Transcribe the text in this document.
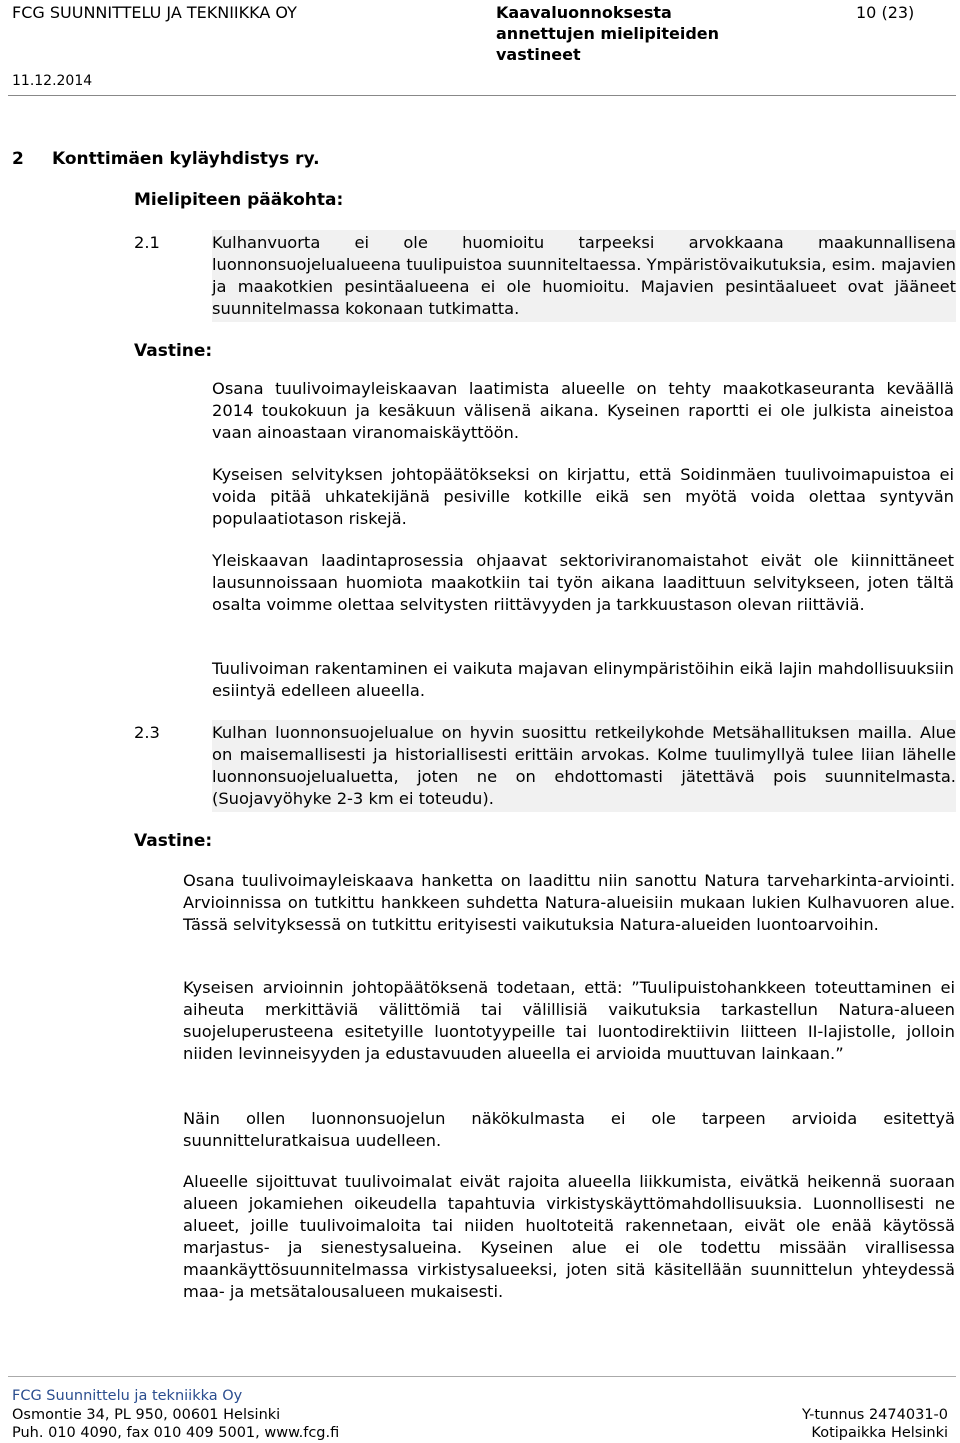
FCG SUUNNITTELU JA TEKNIIKKA OY	Kaavaluonnoksesta annettujen mielipiteiden vastineet
10 (23)
11.12.2014
2 Konttimäen kyläyhdistys ry.
Mielipiteen pääkohta:
2.1	Kulhanvuorta ei ole huomioitu tarpeeksi arvokkaana maakunnallisena luonnonsuojelualueena tuulipuistoa suunniteltaessa. Ympäristövaikutuksia, esim. majavien ja maakotkien pesintäalueena ei ole huomioitu. Majavien pesintäalueet ovat jääneet suunnitelmassa kokonaan tutkimatta.

Vastine:

Osana tuulivoimayleiskaavan laatimista alueelle on tehty maakotkaseuranta keväällä 2014 toukokuun ja kesäkuun välisenä aikana. Kyseinen raportti ei ole julkista aineistoa vaan ainoastaan viranomaiskäyttöön.

Kyseisen selvityksen johtopäätökseksi on kirjattu, että Soidinmäen tuulivoimapuistoa ei voida pitää uhkatekijänä pesiville kotkille eikä sen myötä voida olettaa syntyvän populaatiotason riskejä.

Yleiskaavan laadintaprosessia ohjaavat sektoriviranomaistahot eivät ole kiinnittäneet lausunnoissaan huomiota maakotkiin tai työn aikana laadittuun selvitykseen, joten tältä osalta voimme olettaa selvitysten riittävyyden ja tarkkuustason olevan riittäviä.

Tuulivoiman rakentaminen ei vaikuta majavan elinympäristöihin eikä lajin mahdollisuuksiin esiintyä edelleen alueella.

2.3	Kulhan luonnonsuojelualue on hyvin suosittu retkeilykohde Metsähallituksen mailla. Alue on maisemallisesti ja historiallisesti erittäin arvokas. Kolme tuulimyllyä tulee liian lähelle luonnonsuojelualuetta, joten ne on ehdottomasti jätettävä pois suunnitelmasta. (Suojavyöhyke 2-3 km ei toteudu).

Vastine:

Osana tuulivoimayleiskaava hanketta on laadittu niin sanottu Natura tarveharkinta-arviointi. Arvioinnissa on tutkittu hankkeen suhdetta Natura-alueisiin mukaan lukien Kulhavuoren alue. Tässä selvityksessä on tutkittu erityisesti vaikutuksia Natura-alueiden luontoarvoihin.

Kyseisen arvioinnin johtopäätöksenä todetaan, että: ”Tuulipuistohankkeen toteuttaminen ei aiheuta merkittäviä välittömiä tai välillisiä vaikutuksia tarkastellun Natura-alueen suojeluperusteena esitetyille luontotyypeille tai luontodirektiivin liitteen II-lajistolle, jolloin niiden levinneisyyden ja edustavuuden alueella ei arvioida muuttuvan lainkaan.”

Näin ollen luonnonsuojelun näkökulmasta ei ole tarpeen arvioida esitettyä suunnitteluratkaisua uudelleen.

Alueelle sijoittuvat tuulivoimalat eivät rajoita alueella liikkumista, eivätkä heikennä suoraan alueen jokamiehen oikeudella tapahtuvia virkistyskäyttömahdollisuuksia. Luonnollisesti ne alueet, joille tuulivoimaloita tai niiden huoltoteitä rakennetaan, eivät ole enää käytössä marjastus- ja sienestysalueina. Kyseinen alue ei ole todettu missään virallisessa maankäyttösuunnitelmassa virkistysalueeksi, joten sitä käsitellään suunnittelun yhteydessä maa- ja metsätalousalueen mukaisesti.

FCG Suunnittelu ja tekniikka Oy
Osmontie 34, PL 950, 00601 Helsinki
Puh. 010 4090, fax 010 409 5001, www.fcg.fi
Y-tunnus 2474031-0
Kotipaikka Helsinki
